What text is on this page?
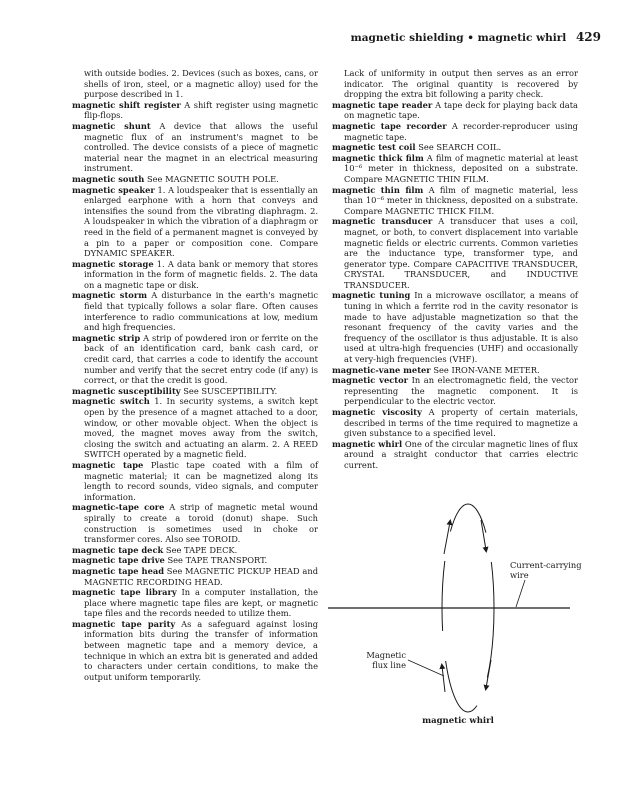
magnetic shielding • magnetic whirl 429

with outside bodies. 2. Devices (such as boxes, cans, or shells of iron, steel, or a magnetic alloy) used for the purpose described in 1.

magnetic shift register A shift register using magnetic flip-flops.

magnetic shunt A device that allows the useful magnetic flux of an instrument's magnet to be controlled. The device consists of a piece of magnetic material near the magnet in an electrical measuring instrument.

magnetic south See MAGNETIC SOUTH POLE.

magnetic speaker 1. A loudspeaker that is essentially an enlarged earphone with a horn that conveys and intensifies the sound from the vibrating diaphragm. 2. A loudspeaker in which the vibration of a diaphragm or reed in the field of a permanent magnet is conveyed by a pin to a paper or composition cone. Compare DYNAMIC SPEAKER.

magnetic storage 1. A data bank or memory that stores information in the form of magnetic fields. 2. The data on a magnetic tape or disk.

magnetic storm A disturbance in the earth's magnetic field that typically follows a solar flare. Often causes interference to radio communications at low, medium and high frequencies.

magnetic strip A strip of powdered iron or ferrite on the back of an identification card, bank cash card, or credit card, that carries a code to identify the account number and verify that the secret entry code (if any) is correct, or that the credit is good.

magnetic susceptibility See SUSCEPTIBILITY.

magnetic switch 1. In security systems, a switch kept open by the presence of a magnet attached to a door, window, or other movable object. When the object is moved, the magnet moves away from the switch, closing the switch and actuating an alarm. 2. A REED SWITCH operated by a magnetic field.

magnetic tape Plastic tape coated with a film of magnetic material; it can be magnetized along its length to record sounds, video signals, and computer information.

magnetic-tape core A strip of magnetic metal wound spirally to create a toroid (donut) shape. Such construction is sometimes used in choke or transformer cores. Also see TOROID.

magnetic tape deck See TAPE DECK.

magnetic tape drive See TAPE TRANSPORT.

magnetic tape head See MAGNETIC PICKUP HEAD and MAGNETIC RECORDING HEAD.

magnetic tape library In a computer installation, the place where magnetic tape files are kept, or magnetic tape files and the records needed to utilize them.

magnetic tape parity As a safeguard against losing information bits during the transfer of information between magnetic tape and a memory device, a technique in which an extra bit is generated and added to characters under certain conditions, to make the output uniform temporarily.

Lack of uniformity in output then serves as an error indicator. The original quantity is recovered by dropping the extra bit following a parity check.

magnetic tape reader A tape deck for playing back data on magnetic tape.

magnetic tape recorder A recorder-reproducer using magnetic tape.

magnetic test coil See SEARCH COIL.

magnetic thick film A film of magnetic material at least 10⁻⁶ meter in thickness, deposited on a substrate. Compare MAGNETIC THIN FILM.

magnetic thin film A film of magnetic material, less than 10⁻⁶ meter in thickness, deposited on a substrate. Compare MAGNETIC THICK FILM.

magnetic transducer A transducer that uses a coil, magnet, or both, to convert displacement into variable magnetic fields or electric currents. Common varieties are the inductance type, transformer type, and generator type. Compare CAPACITIVE TRANSDUCER, CRYSTAL TRANSDUCER, and INDUCTIVE TRANSDUCER.

magnetic tuning In a microwave oscillator, a means of tuning in which a ferrite rod in the cavity resonator is made to have adjustable magnetization so that the resonant frequency of the cavity varies and the frequency of the oscillator is thus adjustable. It is also used at ultra-high frequencies (UHF) and occasionally at very-high frequencies (VHF).

magnetic-vane meter See IRON-VANE METER.

magnetic vector In an electromagnetic field, the vector representing the magnetic component. It is perpendicular to the electric vector.

magnetic viscosity A property of certain materials, described in terms of the time required to magnetize a given substance to a specified level.

magnetic whirl One of the circular magnetic lines of flux around a straight conductor that carries electric current.

Current-carrying wire
Magnetic flux line
magnetic whirl
